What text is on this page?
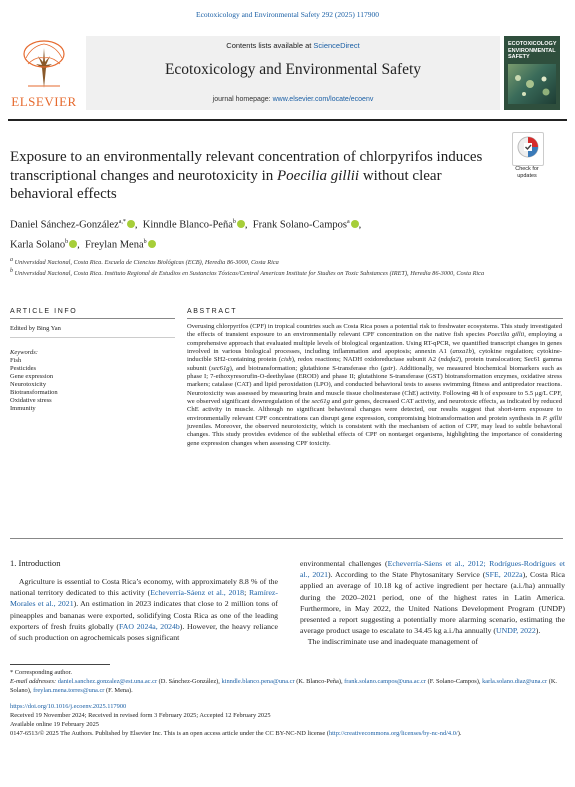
Ecotoxicology and Environmental Safety 292 (2025) 117900
ELSEVIER
Contents lists available at ScienceDirect
Ecotoxicology and Environmental Safety
journal homepage: www.elsevier.com/locate/ecoenv
ECOTOXICOLOGY ENVIRONMENTAL SAFETY
Exposure to an environmentally relevant concentration of chlorpyrifos induces transcriptional changes and neurotoxicity in Poecilia gillii without clear behavioral effects
Check for
updates
Daniel Sánchez-González$^{a,*}$ ,  Kinndle Blanco-Peña$^b$ ,  Frank Solano-Campos$^a$ ,
Karla Solano$^b$ ,  Freylan Mena$^b$
$^a$ Universidad Nacional, Costa Rica. Escuela de Ciencias Biológicas (ECB), Heredia 86-3000, Costa Rica
$^b$ Universidad Nacional, Costa Rica. Instituto Regional de Estudios en Sustancias Tóxicas/Central American Institute for Studies on Toxic Substances (IRET), Heredia 86-3000, Costa Rica
ARTICLE INFO
Edited by Bing Yan
Keywords:
Fish
Pesticides
Gene expression
Neurotoxicity
Biotransformation
Oxidative stress
Immunity
ABSTRACT
Overusing chlorpyrifos (CPF) in tropical countries such as Costa Rica poses a potential risk to freshwater ecosystems. This study investigated the effects of transient exposure to an environmentally relevant CPF concentration on the native fish species Poecilia gillii, employing a comprehensive approach that evaluated multiple levels of biological organization. Using RT-qPCR, we quantified transcript changes in genes involved in various biological processes, including inflammation and apoptosis; annexin A1 (anxa1b), cytokine regulation; cytokine-inducible SH2-containing protein (cish), redox reactions; NADH oxidoreductase subunit A2 (ndufa2), protein translocation; Sec61 gamma subunit (sec61g), and biotransformation; glutathione S-transferase rho (gstr). Additionally, we measured biochemical biomarkers such as phase I; 7-ethoxyresorufin-O-deethylase (EROD) and phase II; glutathione S-transferase (GST) biotransformation enzymes, oxidative stress markers; catalase (CAT) and lipid peroxidation (LPO), and conducted behavioral tests to assess swimming fitness and antipredator reactions. Neurotoxicity was assessed by measuring brain and muscle tissue cholinesterase (ChE) activity. Following 48 h of exposure to 5.5 μg/L CPF, we observed significant downregulation of the sec61g and gstr genes, decreased CAT activity, and neurotoxic effects, as indicated by reduced ChE activity in muscle. Although no significant behavioral changes were detected, our results suggest that short-term exposure to environmentally relevant CPF concentrations can disrupt gene expression, compromising biotransformation and protein synthesis in P. gillii juveniles. Moreover, the observed neurotoxicity, which is consistent with the mechanism of action of CPF, may lead to subtle behavioral changes. This study provides evidence of the sublethal effects of CPF on nontarget organisms, highlighting the importance of considering gene expression changes when assessing CPF toxicity.
1. Introduction
Agriculture is essential to Costa Rica’s economy, with approximately 8.8 % of the national territory dedicated to this activity (Echeverría-Sáenz et al., 2018; Ramírez-Morales et al., 2021). An estimation in 2023 indicates that close to 2 million tons of pineapples and bananas were exported, solidifying Costa Rica as one of the leading exporters of fresh fruits globally (FAO 2024a, 2024b). However, the heavy reliance of such production on agrochemicals poses significant
environmental challenges (Echeverría-Sáens et al., 2012; Rodrígues-Rodrígues et al., 2021). According to the State Phytosanitary Service (SFE, 2022a), Costa Rica applied an average of 10.18 kg of active ingredient per hectare (a.i./ha) annually during the 2020–2021 period, one of the highest rates in Latin America. Furthermore, in May 2022, the United Nations Development Program (UNDP) presented a report suggesting a potentially more alarming scenario, estimating the average product usage to escalate to 34.45 kg a.i./ha annually (UNDP, 2022).
The indiscriminate use and inadequate management of
* Corresponding author.
E-mail addresses: daniel.sanchez.gonzalez@est.una.ac.cr (D. Sánchez-González), kinndle.blanco.pena@una.cr (K. Blanco-Peña), frank.solano.campos@una.ac.cr (F. Solano-Campos), karla.solano.diaz@una.cr (K. Solano), freylan.mena.torres@una.cr (F. Mena).
https://doi.org/10.1016/j.ecoenv.2025.117900
Received 19 November 2024; Received in revised form 3 February 2025; Accepted 12 February 2025
Available online 19 February 2025
0147-6513/© 2025 The Authors. Published by Elsevier Inc. This is an open access article under the CC BY-NC-ND license (http://creativecommons.org/licenses/by-nc-nd/4.0/).
